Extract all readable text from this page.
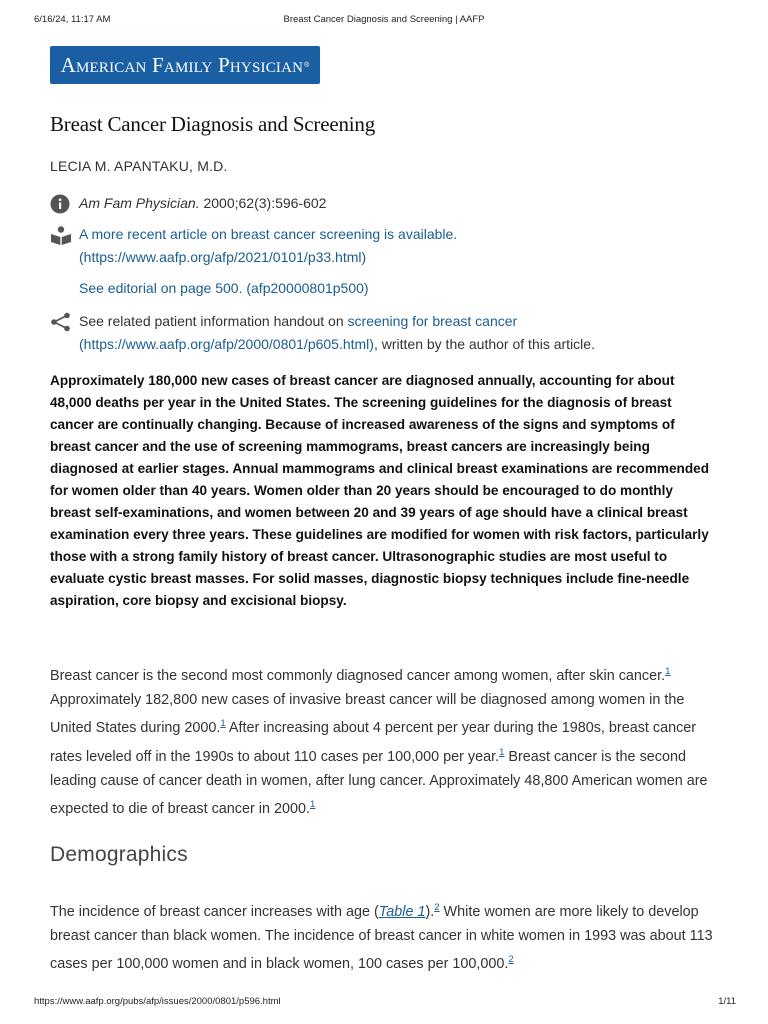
6/16/24, 11:17 AM	Breast Cancer Diagnosis and Screening | AAFP
American Family Physician ®
Breast Cancer Diagnosis and Screening
LECIA M. APANTAKU, M.D.
Am Fam Physician. 2000;62(3):596-602
A more recent article on breast cancer screening is available.
(https://www.aafp.org/afp/2021/0101/p33.html)
See editorial on page 500. (afp20000801p500)
See related patient information handout on screening for breast cancer
(https://www.aafp.org/afp/2000/0801/p605.html), written by the author of this article.

Approximately 180,000 new cases of breast cancer are diagnosed annually, accounting for about 48,000 deaths per year in the United States. The screening guidelines for the diagnosis of breast cancer are continually changing. Because of increased awareness of the signs and symptoms of breast cancer and the use of screening mammograms, breast cancers are increasingly being diagnosed at earlier stages. Annual mammograms and clinical breast examinations are recommended for women older than 40 years. Women older than 20 years should be encouraged to do monthly breast self-examinations, and women between 20 and 39 years of age should have a clinical breast examination every three years. These guidelines are modified for women with risk factors, particularly those with a strong family history of breast cancer. Ultrasonographic studies are most useful to evaluate cystic breast masses. For solid masses, diagnostic biopsy techniques include fine-needle aspiration, core biopsy and excisional biopsy.

Breast cancer is the second most commonly diagnosed cancer among women, after skin cancer.$^1$ Approximately 182,800 new cases of invasive breast cancer will be diagnosed among women in the United States during 2000.$^1$ After increasing about 4 percent per year during the 1980s, breast cancer rates leveled off in the 1990s to about 110 cases per 100,000 per year.$^1$ Breast cancer is the second leading cause of cancer death in women, after lung cancer. Approximately 48,800 American women are expected to die of breast cancer in 2000.$^1$

Demographics

The incidence of breast cancer increases with age (Table 1).$^2$ White women are more likely to develop breast cancer than black women. The incidence of breast cancer in white women in 1993 was about 113 cases per 100,000 women and in black women, 100 cases per 100,000.$^2$

https://www.aafp.org/pubs/afp/issues/2000/0801/p596.html	1/11
